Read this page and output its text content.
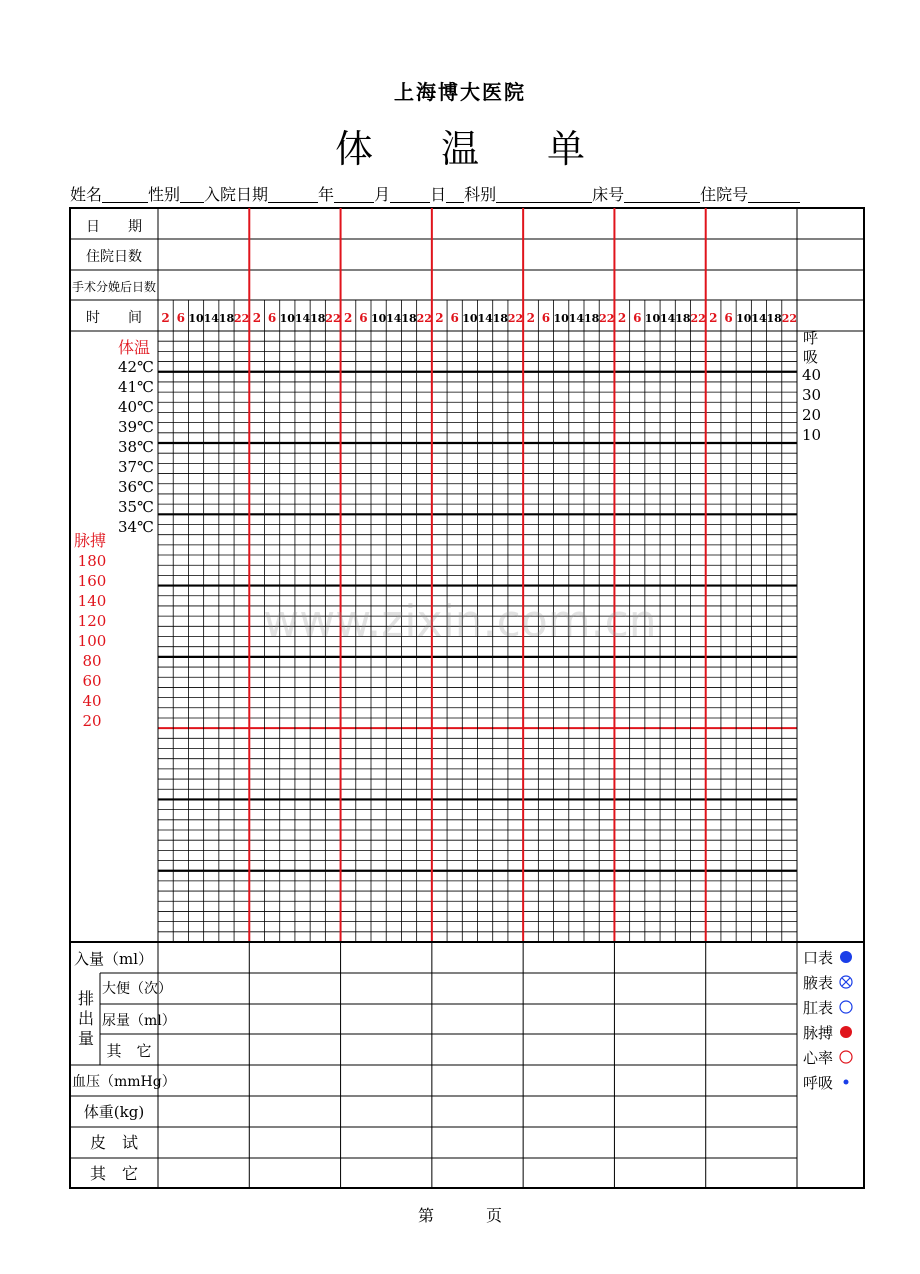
上海博大医院
体 温 单
姓名	性别 入院日期	年	月	日 科别	床号	住院号
日　　期
住院日数
手术分娩后日数
时　　间 2 6 10 14 18 22 2 6 10 14 18 22 2 6 10 14 18 22 2 6 10 14 18 22 2 6 10 14 18 22 2 6 10 14 18 22 2 6 10 14 18 22
体温
42℃
41℃
40℃
39℃
38℃
37℃
36℃
35℃
34℃
脉搏
180
160
140
120
100
80
60
40
20
呼
吸
40
30
20
10
www.zixin.com.cn
入量（ml）
排
出
量
大便（次）
尿量（ml）
其　它
血压（mmHg）
体重(kg)
皮　试
其　它
口表
腋表
肛表
脉搏
心率
呼吸
第	页
